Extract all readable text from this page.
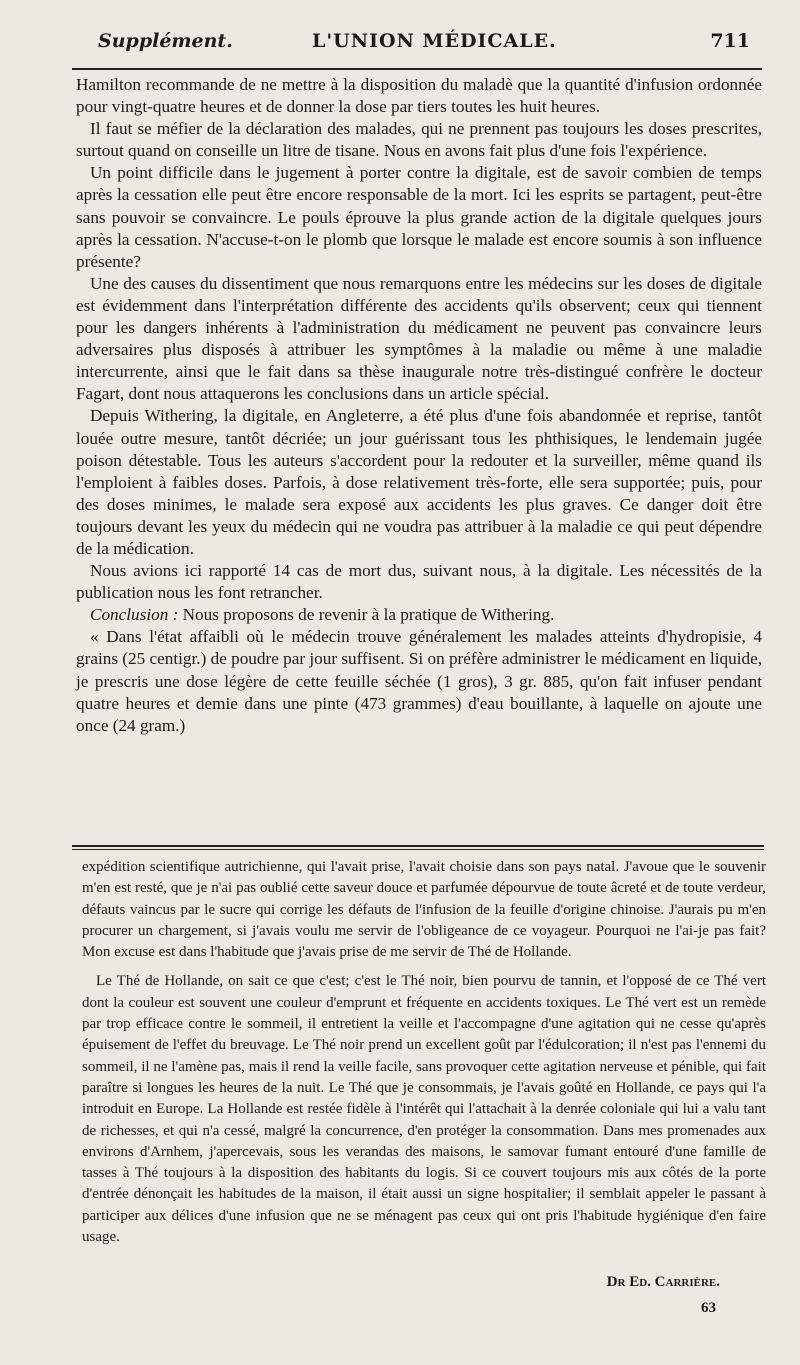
Supplément.	L'UNION MÉDICALE.	711

Hamilton recommande de ne mettre à la disposition du maladè que la quantité d'infusion ordonnée pour vingt-quatre heures et de donner la dose par tiers toutes les huit heures.

Il faut se méfier de la déclaration des malades, qui ne prennent pas toujours les doses prescrites, surtout quand on conseille un litre de tisane. Nous en avons fait plus d'une fois l'expérience.

Un point difficile dans le jugement à porter contre la digitale, est de savoir combien de temps après la cessation elle peut être encore responsable de la mort. Ici les esprits se partagent, peut-être sans pouvoir se convaincre. Le pouls éprouve la plus grande action de la digitale quelques jours après la cessation. N'accuse-t-on le plomb que lorsque le malade est encore soumis à son influence présente?

Une des causes du dissentiment que nous remarquons entre les médecins sur les doses de digitale est évidemment dans l'interprétation différente des accidents qu'ils observent; ceux qui tiennent pour les dangers inhérents à l'administration du médicament ne peuvent pas convaincre leurs adversaires plus disposés à attribuer les symptômes à la maladie ou même à une maladie intercurrente, ainsi que le fait dans sa thèse inaugurale notre très-distingué confrère le docteur Fagart, dont nous attaquerons les conclusions dans un article spécial.

Depuis Withering, la digitale, en Angleterre, a été plus d'une fois abandonnée et reprise, tantôt louée outre mesure, tantôt décriée; un jour guérissant tous les phthisiques, le lendemain jugée poison détestable. Tous les auteurs s'accordent pour la redouter et la surveiller, même quand ils l'emploient à faibles doses. Parfois, à dose relativement très-forte, elle sera supportée; puis, pour des doses minimes, le malade sera exposé aux accidents les plus graves. Ce danger doit être toujours devant les yeux du médecin qui ne voudra pas attribuer à la maladie ce qui peut dépendre de la médication.

Nous avions ici rapporté 14 cas de mort dus, suivant nous, à la digitale. Les nécessités de la publication nous les font retrancher.

Conclusion : Nous proposons de revenir à la pratique de Withering.

« Dans l'état affaibli où le médecin trouve généralement les malades atteints d'hydropisie, 4 grains (25 centigr.) de poudre par jour suffisent. Si on préfère administrer le médicament en liquide, je prescris une dose légère de cette feuille séchée (1 gros), 3 gr. 885, qu'on fait infuser pendant quatre heures et demie dans une pinte (473 grammes) d'eau bouillante, à laquelle on ajoute une once (24 gram.)

expédition scientifique autrichienne, qui l'avait prise, l'avait choisie dans son pays natal. J'avoue que le souvenir m'en est resté, que je n'ai pas oublié cette saveur douce et parfumée dépourvue de toute âcreté et de toute verdeur, défauts vaincus par le sucre qui corrige les défauts de l'infusion de la feuille d'origine chinoise. J'aurais pu m'en procurer un chargement, si j'avais voulu me servir de l'obligeance de ce voyageur. Pourquoi ne l'ai-je pas fait? Mon excuse est dans l'habitude que j'avais prise de me servir de Thé de Hollande.

Le Thé de Hollande, on sait ce que c'est; c'est le Thé noir, bien pourvu de tannin, et l'opposé de ce Thé vert dont la couleur est souvent une couleur d'emprunt et fréquente en accidents toxiques. Le Thé vert est un remède par trop efficace contre le sommeil, il entretient la veille et l'accompagne d'une agitation qui ne cesse qu'après épuisement de l'effet du breuvage. Le Thé noir prend un excellent goût par l'édulcoration; il n'est pas l'ennemi du sommeil, il ne l'amène pas, mais il rend la veille facile, sans provoquer cette agitation nerveuse et pénible, qui fait paraître si longues les heures de la nuit. Le Thé que je consommais, je l'avais goûté en Hollande, ce pays qui l'a introduit en Europe. La Hollande est restée fidèle à l'intérêt qui l'attachait à la denrée coloniale qui lui a valu tant de richesses, et qui n'a cessé, malgré la concurrence, d'en protéger la consommation. Dans mes promenades aux environs d'Arnhem, j'apercevais, sous les verandas des maisons, le samovar fumant entouré d'une famille de tasses à Thé toujours à la disposition des habitants du logis. Si ce couvert toujours mis aux côtés de la porte d'entrée dénonçait les habitudes de la maison, il était aussi un signe hospitalier; il semblait appeler le passant à participer aux délices d'une infusion que ne se ménagent pas ceux qui ont pris l'habitude hygiénique d'en faire usage.

Dr Ed. Carrière.
63
